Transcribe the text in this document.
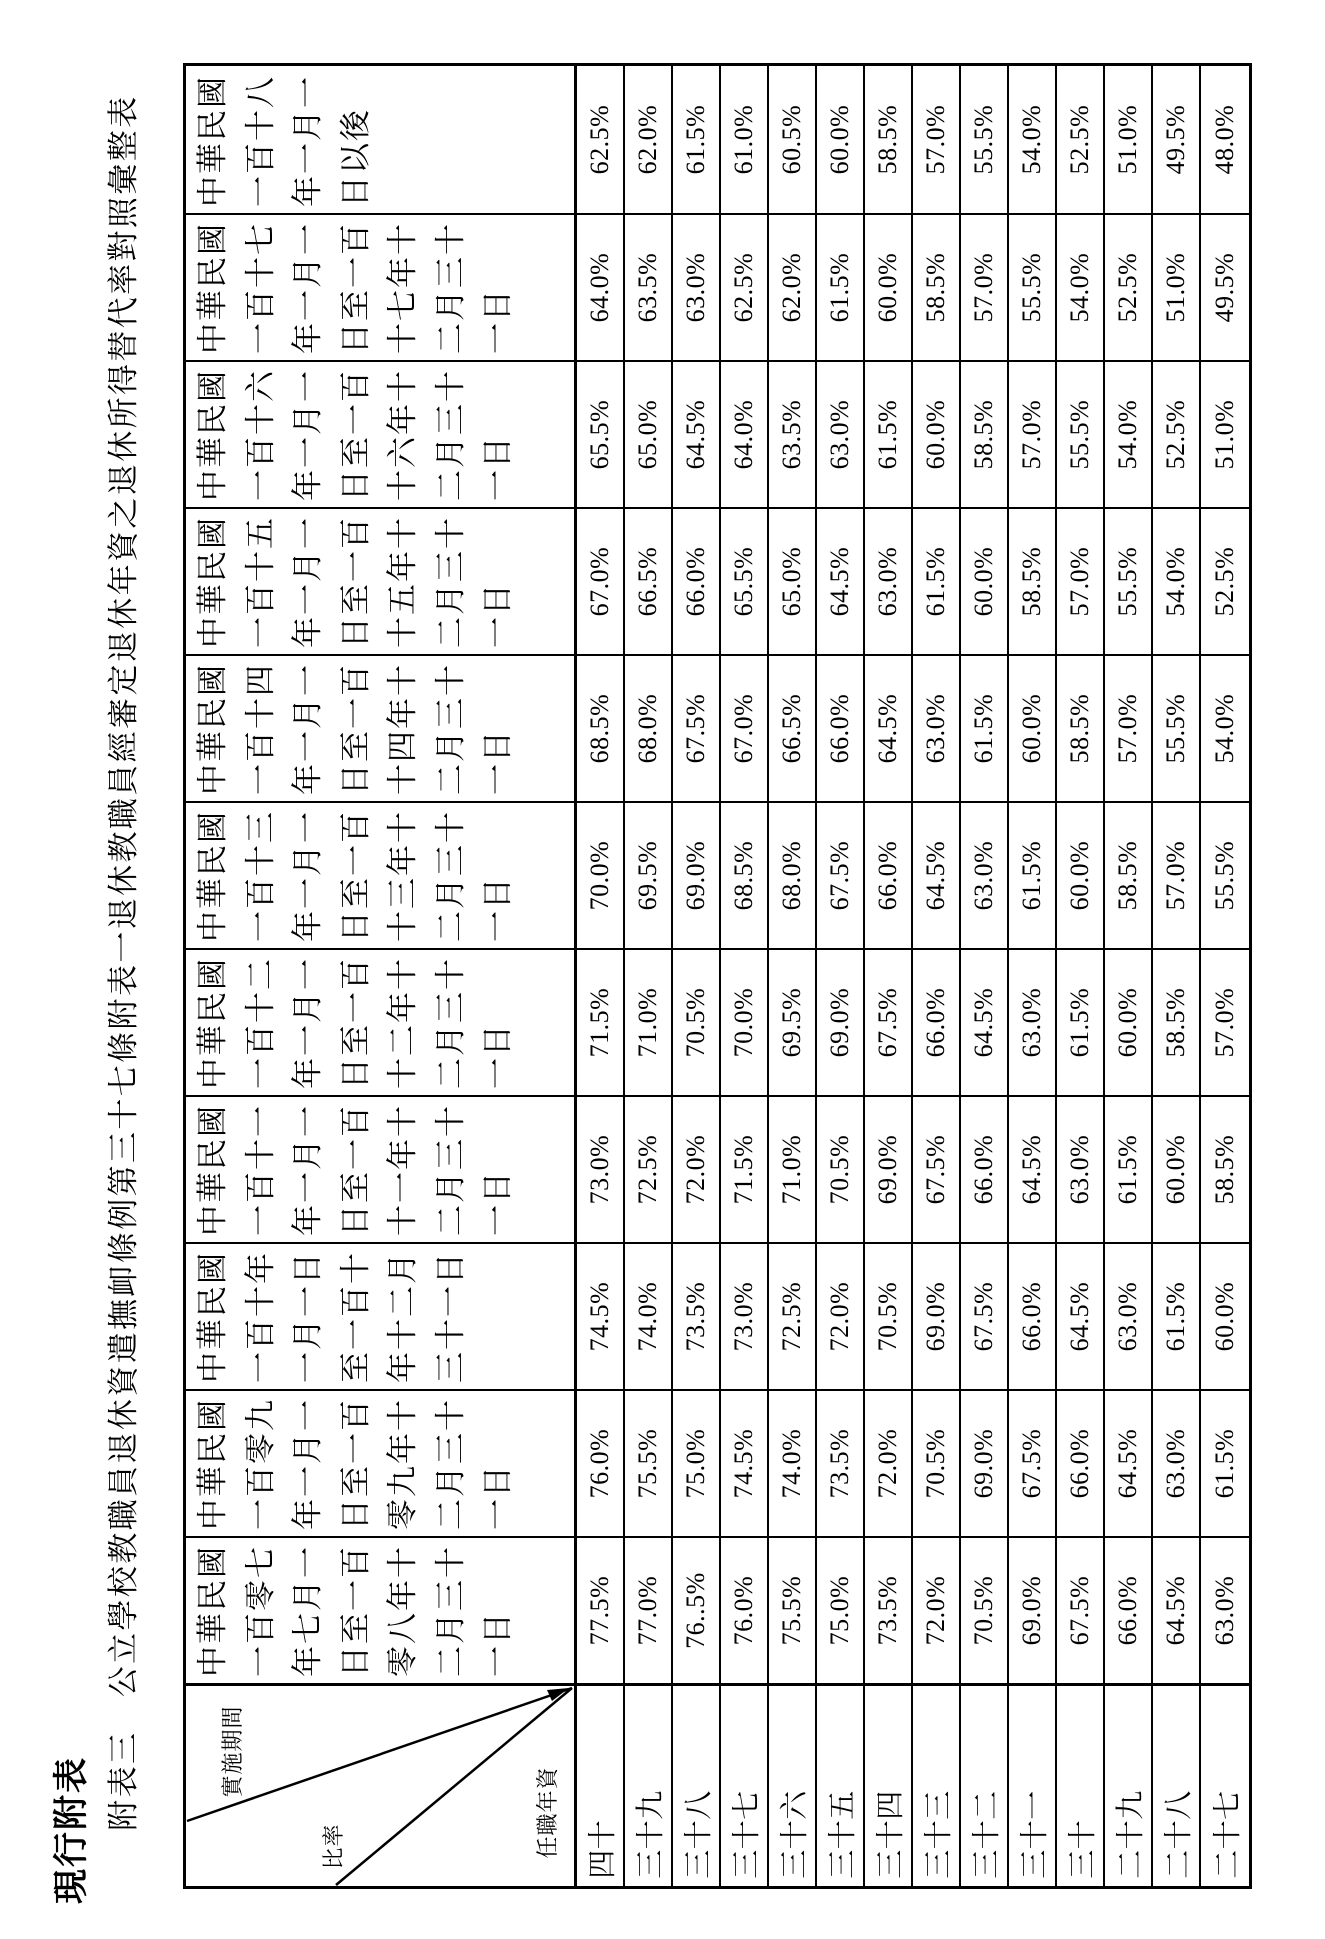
現行附表
附表三公立學校教職員退休資遣撫卹條例第三十七條附表一退休教職員經審定退休年資之退休所得替代率對照彙整表
實施期間
比率
任職年資
中華民國
一百零七
年七月一
日至一百
零八年十
二月三十
一日
中華民國
一百零九
年一月一
日至一百
零九年十
二月三十
一日
中華民國
一百十年
一月一日
至一百十
年十二月
三十一日
中華民國
一百十一
年一月一
日至一百
十一年十
二月三十
一日
中華民國
一百十二
年一月一
日至一百
十二年十
二月三十
一日
中華民國
一百十三
年一月一
日至一百
十三年十
二月三十
一日
中華民國
一百十四
年一月一
日至一百
十四年十
二月三十
一日
中華民國
一百十五
年一月一
日至一百
十五年十
二月三十
一日
中華民國
一百十六
年一月一
日至一百
十六年十
二月三十
一日
中華民國
一百十七
年一月一
日至一百
十七年十
二月三十
一日
中華民國
一百十八
年一月一
日以後
四
十
77.5%
76.0%
74.5%
73.0%
71.5%
70.0%
68.5%
67.0%
65.5%
64.0%
62.5%
三
十
九
77.0%
75.5%
74.0%
72.5%
71.0%
69.5%
68.0%
66.5%
65.0%
63.5%
62.0%
三
十
八
76..5%
75.0%
73.5%
72.0%
70.5%
69.0%
67.5%
66.0%
64.5%
63.0%
61.5%
三
十
七
76.0%
74.5%
73.0%
71.5%
70.0%
68.5%
67.0%
65.5%
64.0%
62.5%
61.0%
三
十
六
75.5%
74.0%
72.5%
71.0%
69.5%
68.0%
66.5%
65.0%
63.5%
62.0%
60.5%
三
十
五
75.0%
73.5%
72.0%
70.5%
69.0%
67.5%
66.0%
64.5%
63.0%
61.5%
60.0%
三
十
四
73.5%
72.0%
70.5%
69.0%
67.5%
66.0%
64.5%
63.0%
61.5%
60.0%
58.5%
三
十
三
72.0%
70.5%
69.0%
67.5%
66.0%
64.5%
63.0%
61.5%
60.0%
58.5%
57.0%
三
十
二
70.5%
69.0%
67.5%
66.0%
64.5%
63.0%
61.5%
60.0%
58.5%
57.0%
55.5%
三
十
一
69.0%
67.5%
66.0%
64.5%
63.0%
61.5%
60.0%
58.5%
57.0%
55.5%
54.0%
三
十
67.5%
66.0%
64.5%
63.0%
61.5%
60.0%
58.5%
57.0%
55.5%
54.0%
52.5%
二
十
九
66.0%
64.5%
63.0%
61.5%
60.0%
58.5%
57.0%
55.5%
54.0%
52.5%
51.0%
二
十
八
64.5%
63.0%
61.5%
60.0%
58.5%
57.0%
55.5%
54.0%
52.5%
51.0%
49.5%
二
十
七
63.0%
61.5%
60.0%
58.5%
57.0%
55.5%
54.0%
52.5%
51.0%
49.5%
48.0%
